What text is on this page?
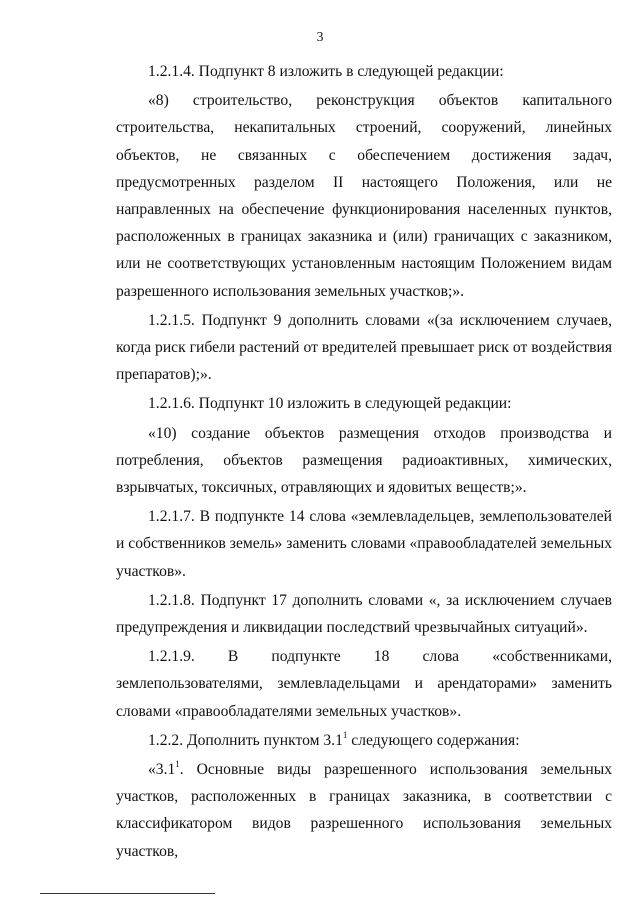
3

1.2.1.4. Подпункт 8 изложить в следующей редакции:

«8) строительство, реконструкция объектов капитального строительства, некапитальных строений, сооружений, линейных объектов, не связанных с обеспечением достижения задач, предусмотренных разделом II настоящего Положения, или не направленных на обеспечение функционирования населенных пунктов, расположенных в границах заказника и (или) граничащих с заказником, или не соответствующих установленным настоящим Положением видам разрешенного использования земельных участков;».

1.2.1.5. Подпункт 9 дополнить словами «(за исключением случаев, когда риск гибели растений от вредителей превышает риск от воздействия препаратов);».

1.2.1.6. Подпункт 10 изложить в следующей редакции:

«10) создание объектов размещения отходов производства и потребления, объектов размещения радиоактивных, химических, взрывчатых, токсичных, отравляющих и ядовитых веществ;».

1.2.1.7. В подпункте 14 слова «землевладельцев, землепользователей и собственников земель» заменить словами «правообладателей земельных участков».

1.2.1.8. Подпункт 17 дополнить словами «, за исключением случаев предупреждения и ликвидации последствий чрезвычайных ситуаций».

1.2.1.9. В подпункте 18 слова «собственниками, землепользователями, землевладельцами и арендаторами» заменить словами «правообладателями земельных участков».

1.2.2. Дополнить пунктом $3.1^1$ следующего содержания:

«$3.1^1$. Основные виды разрешенного использования земельных участков, расположенных в границах заказника, в соответствии с классификатором видов разрешенного использования земельных участков,
